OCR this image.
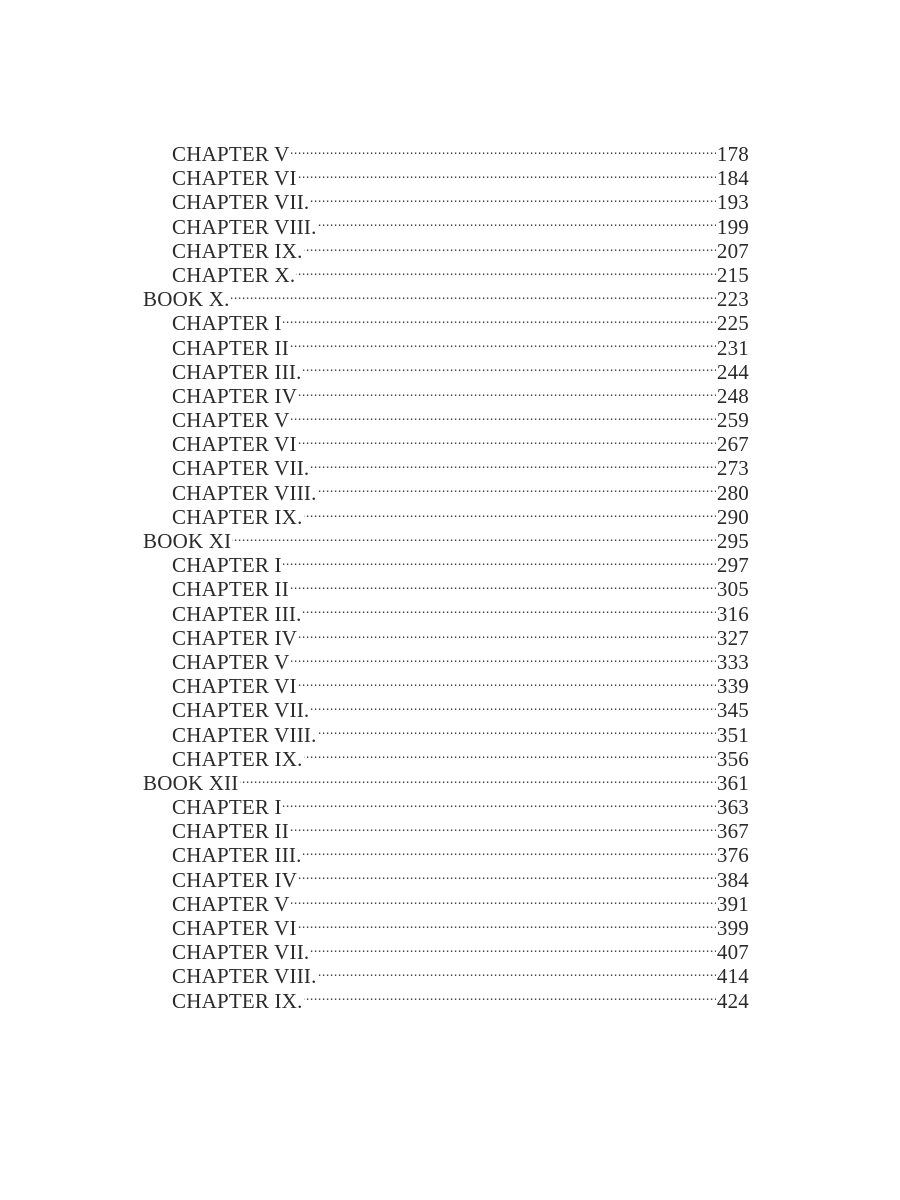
CHAPTER V . . .	178
CHAPTER VI . . .	184
CHAPTER VII. . . .	193
CHAPTER VIII. . . .	199
CHAPTER IX. . . .	207
CHAPTER X. . . .	215
BOOK X. . . .	223
CHAPTER I . . .	225
CHAPTER II . . .	231
CHAPTER III. . . .	244
CHAPTER IV . . .	248
CHAPTER V . . .	259
CHAPTER VI . . .	267
CHAPTER VII. . . .	273
CHAPTER VIII. . . .	280
CHAPTER IX. . . .	290
BOOK XI . . .	295
CHAPTER I . . .	297
CHAPTER II . . .	305
CHAPTER III. . . .	316
CHAPTER IV . . .	327
CHAPTER V . . .	333
CHAPTER VI . . .	339
CHAPTER VII. . . .	345
CHAPTER VIII. . . .	351
CHAPTER IX. . . .	356
BOOK XII . . .	361
CHAPTER I . . .	363
CHAPTER II . . .	367
CHAPTER III. . . .	376
CHAPTER IV . . .	384
CHAPTER V . . .	391
CHAPTER VI . . .	399
CHAPTER VII. . . .	407
CHAPTER VIII. . . .	414
CHAPTER IX. . . .	424
